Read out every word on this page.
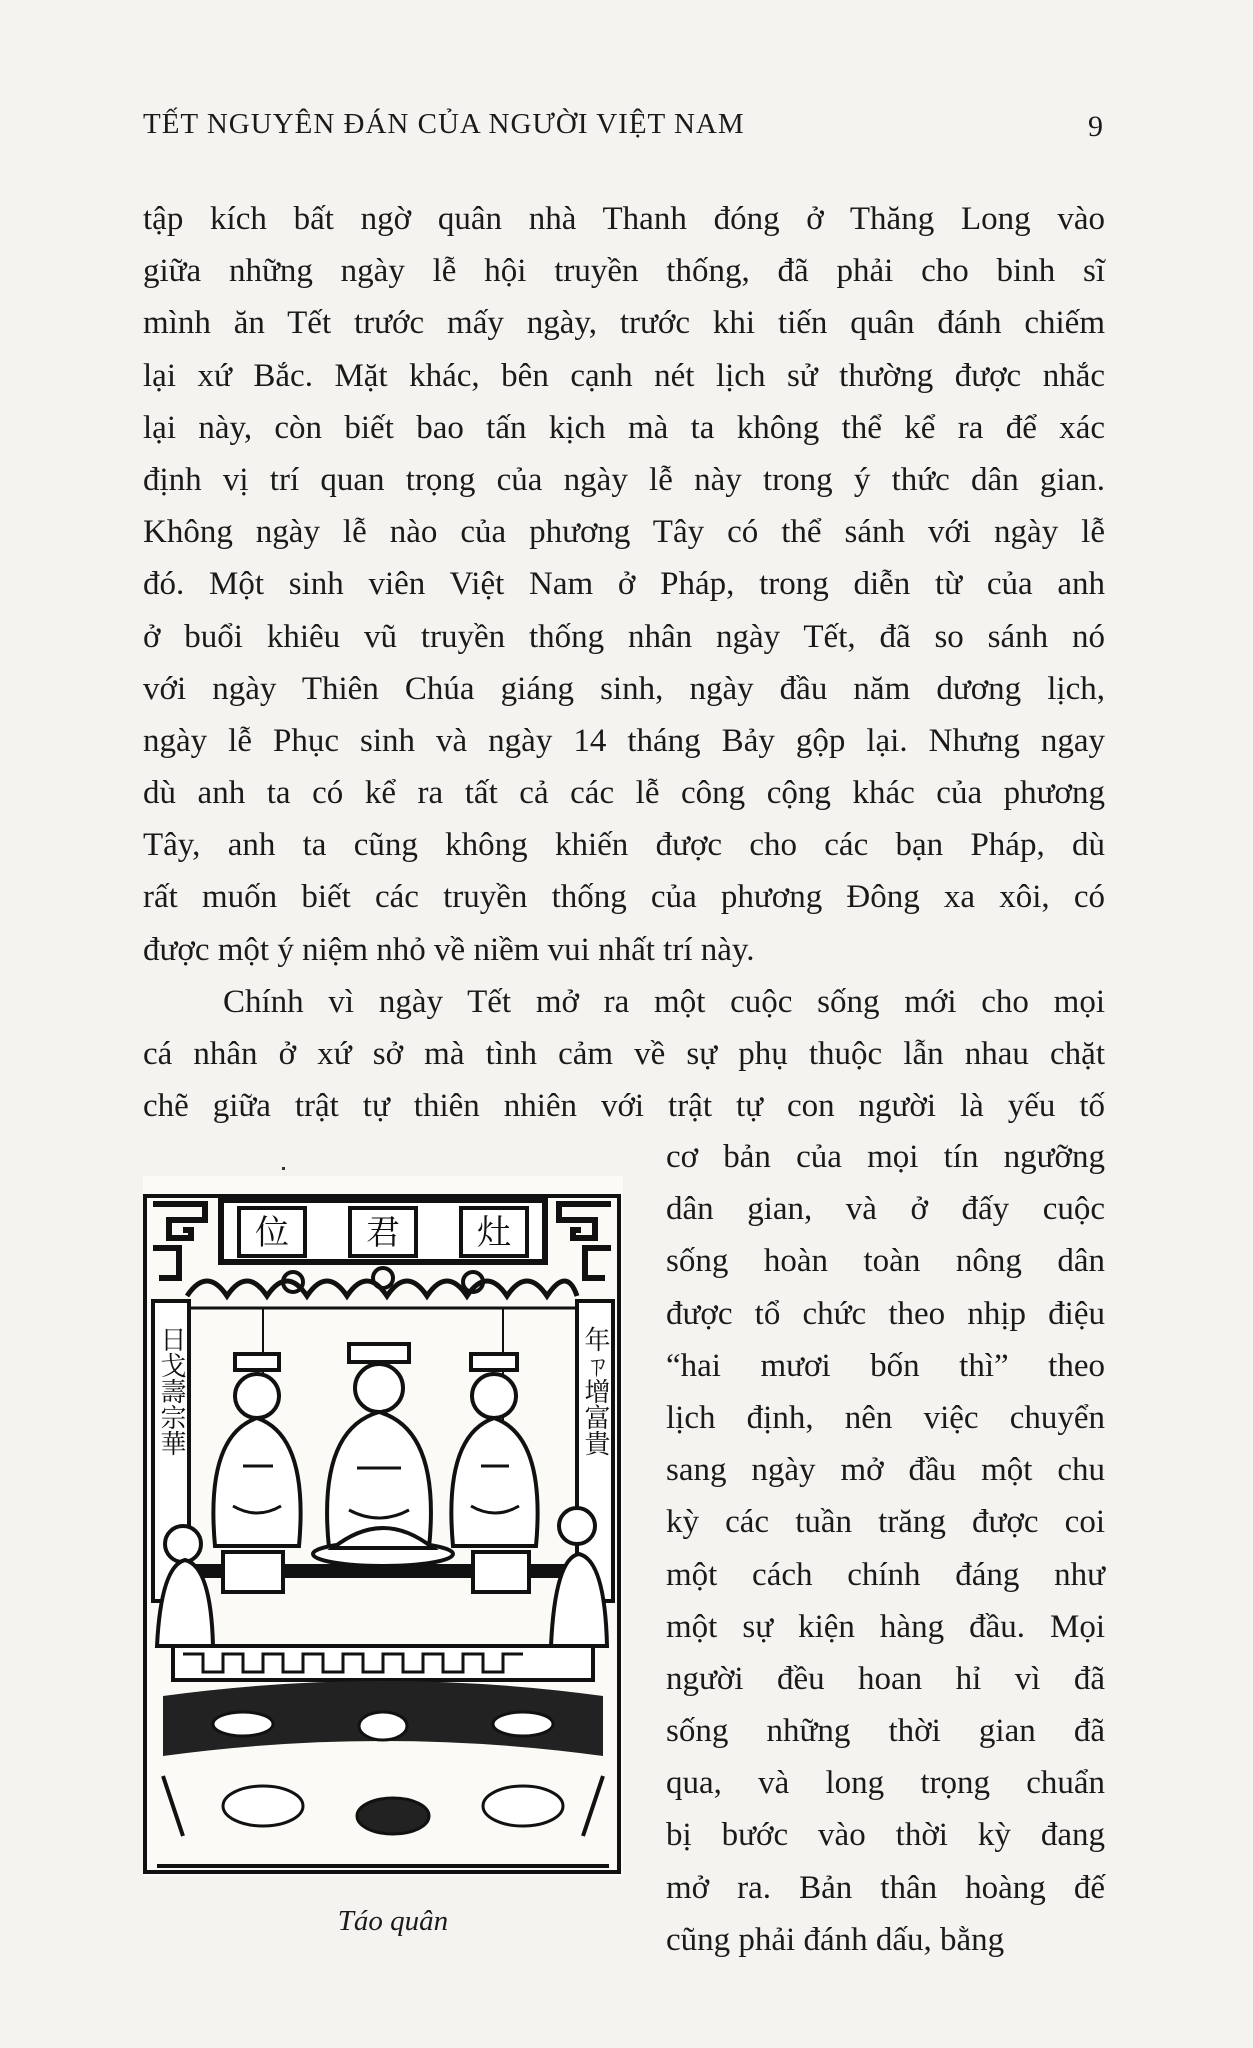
TẾT NGUYÊN ĐÁN CỦA NGƯỜI VIỆT NAM	9
tập kích bất ngờ quân nhà Thanh đóng ở Thăng Long vào
giữa những ngày lễ hội truyền thống, đã phải cho binh sĩ
mình ăn Tết trước mấy ngày, trước khi tiến quân đánh chiếm
lại xứ Bắc. Mặt khác, bên cạnh nét lịch sử thường được nhắc
lại này, còn biết bao tấn kịch mà ta không thể kể ra để xác
định vị trí quan trọng của ngày lễ này trong ý thức dân gian.
Không ngày lễ nào của phương Tây có thể sánh với ngày lễ
đó. Một sinh viên Việt Nam ở Pháp, trong diễn từ của anh
ở buổi khiêu vũ truyền thống nhân ngày Tết, đã so sánh nó
với ngày Thiên Chúa giáng sinh, ngày đầu năm dương lịch,
ngày lễ Phục sinh và ngày 14 tháng Bảy gộp lại. Nhưng ngay
dù anh ta có kể ra tất cả các lễ công cộng khác của phương
Tây, anh ta cũng không khiến được cho các bạn Pháp, dù
rất muốn biết các truyền thống của phương Đông xa xôi, có
được một ý niệm nhỏ về niềm vui nhất trí này.
Chính vì ngày Tết mở ra một cuộc sống mới cho mọi
cá nhân ở xứ sở mà tình cảm về sự phụ thuộc lẫn nhau chặt
chẽ giữa trật tự thiên nhiên với trật tự con người là yếu tố
cơ bản của mọi tín ngưỡng
dân gian, và ở đấy cuộc
sống hoàn toàn nông dân
được tổ chức theo nhịp điệu
“hai mươi bốn thì” theo
lịch định, nên việc chuyển
sang ngày mở đầu một chu
kỳ các tuần trăng được coi
một cách chính đáng như
một sự kiện hàng đầu. Mọi
người đều hoan hỉ vì đã
sống những thời gian đã
qua, và long trọng chuẩn
bị bước vào thời kỳ đang
mở ra. Bản thân hoàng đế
cũng phải đánh dấu, bằng
位 君 灶
日戈壽宗華	年ㄗ增富貴
Táo quân
